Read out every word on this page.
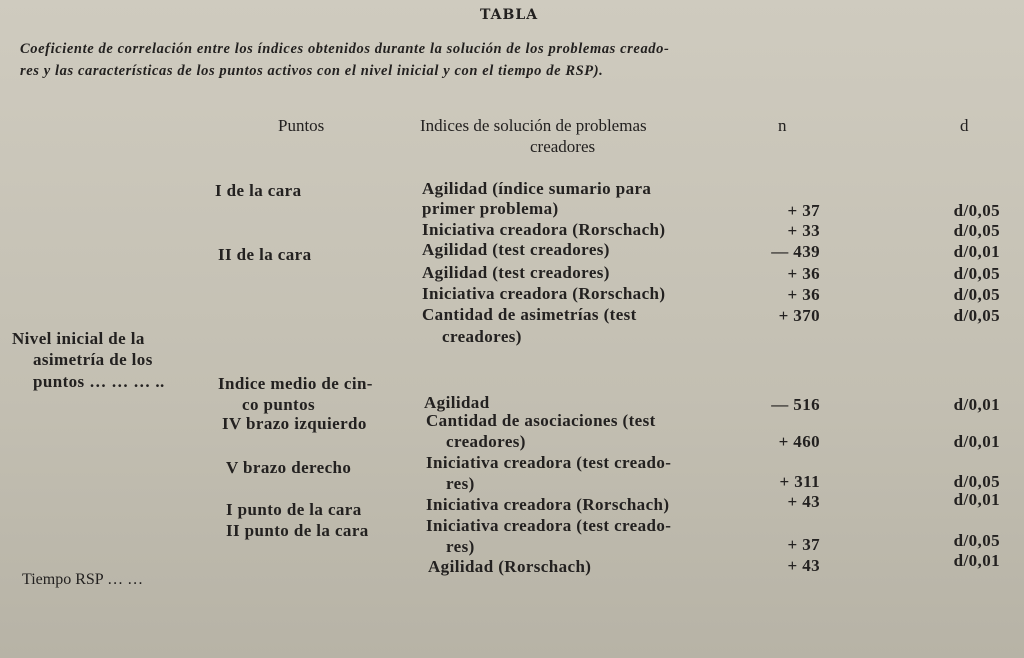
TABLA
Coeficiente de correlación entre los índices obtenidos durante la solución de los problemas creado-
res y las características de los puntos activos con el nivel inicial y con el tiempo de RSP).
Puntos	Indices de solución de problemas
creadores
n	d
Nivel inicial de la
asimetría de los
puntos … … … ..
Tiempo RSP … …
I de la cara	Agilidad (índice sumario para
primer problema)	+ 37	d/0,05
Iniciativa creadora (Rorschach)	+ 33	d/0,05
II de la cara	Agilidad (test creadores)	— 439	d/0,01
Agilidad (test creadores)	+ 36	d/0,05
Iniciativa creadora (Rorschach)	+ 36	d/0,05
Cantidad de asimetrías (test
creadores)
+ 370	d/0,05
Indice medio de cin-
co puntos	Agilidad	— 516	d/0,01
IV brazo izquierdo	Cantidad de asociaciones (test
creadores)	+ 460	d/0,01
V brazo derecho	Iniciativa creadora (test creado-
res)	+ 311	d/0,05
I punto de la cara	Iniciativa creadora (Rorschach)	+ 43	d/0,01
II punto de la cara	Iniciativa creadora (test creado-
res)	+ 37	d/0,05
Agilidad (Rorschach)	+ 43	d/0,01
